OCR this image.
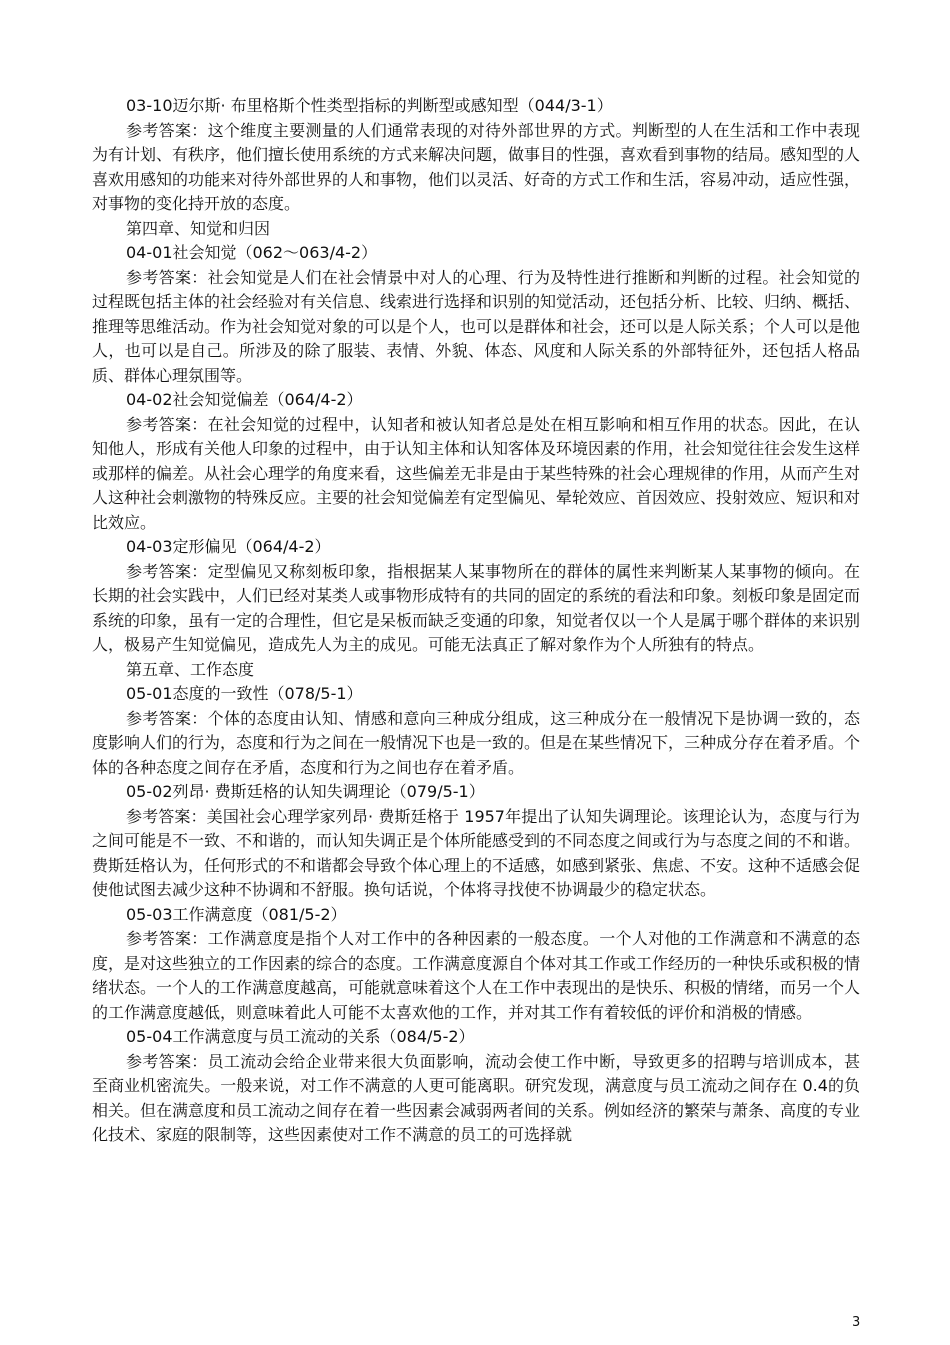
03-10迈尔斯· 布里格斯个性类型指标的判断型或感知型（044/3-1）

参考答案：这个维度主要测量的人们通常表现的对待外部世界的方式。判断型的人在生活和工作中表现为有计划、有秩序，他们擅长使用系统的方式来解决问题，做事目的性强，喜欢看到事物的结局。感知型的人喜欢用感知的功能来对待外部世界的人和事物，他们以灵活、好奇的方式工作和生活，容易冲动，适应性强，对事物的变化持开放的态度。

第四章、知觉和归因
04-01社会知觉（062～063/4-2）

参考答案：社会知觉是人们在社会情景中对人的心理、行为及特性进行推断和判断的过程。社会知觉的过程既包括主体的社会经验对有关信息、线索进行选择和识别的知觉活动，还包括分析、比较、归纳、概括、推理等思维活动。作为社会知觉对象的可以是个人，也可以是群体和社会，还可以是人际关系；个人可以是他人，也可以是自己。所涉及的除了服装、表情、外貌、体态、风度和人际关系的外部特征外，还包括人格品质、群体心理氛围等。

04-02社会知觉偏差（064/4-2）

参考答案：在社会知觉的过程中，认知者和被认知者总是处在相互影响和相互作用的状态。因此，在认知他人，形成有关他人印象的过程中，由于认知主体和认知客体及环境因素的作用，社会知觉往往会发生这样或那样的偏差。从社会心理学的角度来看，这些偏差无非是由于某些特殊的社会心理规律的作用，从而产生对人这种社会刺激物的特殊反应。主要的社会知觉偏差有定型偏见、晕轮效应、首因效应、投射效应、短识和对比效应。

04-03定形偏见（064/4-2）

参考答案：定型偏见又称刻板印象，指根据某人某事物所在的群体的属性来判断某人某事物的倾向。在长期的社会实践中，人们已经对某类人或事物形成特有的共同的固定的系统的看法和印象。刻板印象是固定而系统的印象，虽有一定的合理性，但它是呆板而缺乏变通的印象，知觉者仅以一个人是属于哪个群体的来识别人，极易产生知觉偏见，造成先人为主的成见。可能无法真正了解对象作为个人所独有的特点。

第五章、工作态度
05-01态度的一致性（078/5-1）

参考答案：个体的态度由认知、情感和意向三种成分组成，这三种成分在一般情况下是协调一致的，态度影响人们的行为，态度和行为之间在一般情况下也是一致的。但是在某些情况下，三种成分存在着矛盾。个体的各种态度之间存在矛盾，态度和行为之间也存在着矛盾。

05-02列昂· 费斯廷格的认知失调理论（079/5-1）

参考答案：美国社会心理学家列昂· 费斯廷格于 1957年提出了认知失调理论。该理论认为，态度与行为之间可能是不一致、不和谐的，而认知失调正是个体所能感受到的不同态度之间或行为与态度之间的不和谐。费斯廷格认为，任何形式的不和谐都会导致个体心理上的不适感，如感到紧张、焦虑、不安。这种不适感会促使他试图去减少这种不协调和不舒服。换句话说，个体将寻找使不协调最少的稳定状态。

05-03工作满意度（081/5-2）

参考答案：工作满意度是指个人对工作中的各种因素的一般态度。一个人对他的工作满意和不满意的态度，是对这些独立的工作因素的综合的态度。工作满意度源自个体对其工作或工作经历的一种快乐或积极的情绪状态。一个人的工作满意度越高，可能就意味着这个人在工作中表现出的是快乐、积极的情绪，而另一个人的工作满意度越低，则意味着此人可能不太喜欢他的工作，并对其工作有着较低的评价和消极的情感。

05-04工作满意度与员工流动的关系（084/5-2）

参考答案：员工流动会给企业带来很大负面影响，流动会使工作中断，导致更多的招聘与培训成本，甚至商业机密流失。一般来说，对工作不满意的人更可能离职。研究发现，满意度与员工流动之间存在 0.4的负相关。但在满意度和员工流动之间存在着一些因素会减弱两者间的关系。例如经济的繁荣与萧条、高度的专业化技术、家庭的限制等，这些因素使对工作不满意的员工的可选择就

3
